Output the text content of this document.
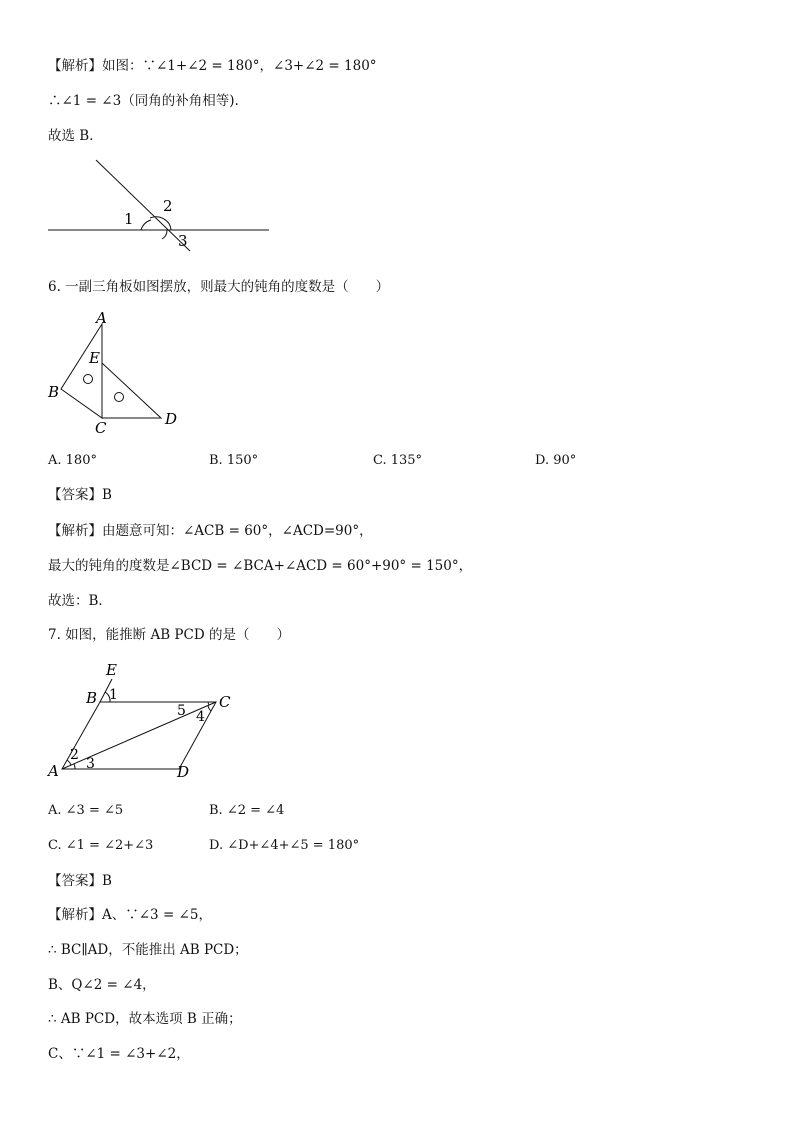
【解析】如图：∵∠1+∠2 = 180°，∠3+∠2 = 180°
∴∠1 = ∠3（同角的补角相等).
故选 B．
1
2
3
6. 一副三角板如图摆放，则最大的钝角的度数是（　　）
A
E
B
C	D
A. 180°	B. 150°	C. 135°	D. 90°
【答案】B
【解析】由题意可知：∠ACB = 60°，∠ACD=90°，
最大的钝角的度数是∠BCD = ∠BCA+∠ACD = 60°+90° = 150°，
故选：B．
7. 如图，能推断 AB PCD 的是（　　）
E
B 1	C
5 4
2
3
A	D
A. ∠3 = ∠5	B. ∠2 = ∠4
C. ∠1 = ∠2+∠3	D. ∠D+∠4+∠5 = 180°
【答案】B
【解析】A、∵∠3 = ∠5，
∴ BC∥AD，不能推出 AB PCD；
B、Q∠2 = ∠4，
∴ AB PCD，故本选项 B 正确；
C、∵∠1 = ∠3+∠2，
